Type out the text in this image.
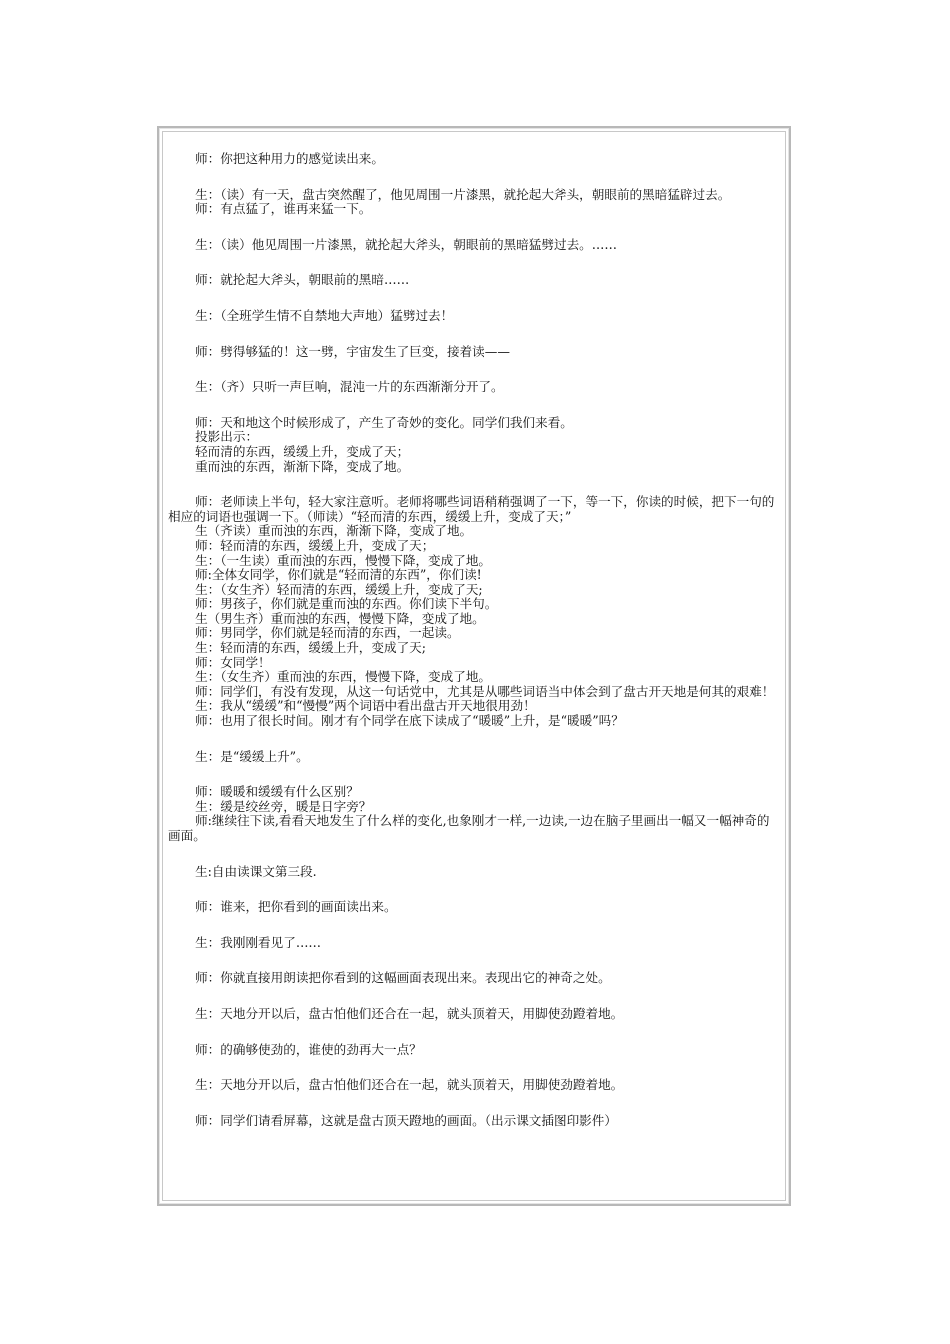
师：你把这种用力的感觉读出来。

生：（读）有一天，盘古突然醒了，他见周围一片漆黑，就抡起大斧头，朝眼前的黑暗猛辟过去。

师：有点猛了，谁再来猛一下。

生：（读）他见周围一片漆黑，就抡起大斧头，朝眼前的黑暗猛劈过去。……

师：就抡起大斧头，朝眼前的黑暗……

生：（全班学生情不自禁地大声地）猛劈过去！

师：劈得够猛的！这一劈，宇宙发生了巨变，接着读——

生：（齐）只听一声巨响，混沌一片的东西渐渐分开了。

师：天和地这个时候形成了，产生了奇妙的变化。同学们我们来看。

投影出示：

轻而清的东西，缓缓上升，变成了天；

重而浊的东西，渐渐下降，变成了地。

师：老师读上半句，轻大家注意听。老师将哪些词语稍稍强调了一下，等一下，你读的时候，把下一句的相应的词语也强调一下。（师读）“轻而清的东西，缓缓上升，变成了天；”

生（齐读）重而浊的东西，渐渐下降，变成了地。

师：轻而清的东西，缓缓上升，变成了天；

生：（一生读）重而浊的东西，慢慢下降，变成了地。

师:全体女同学，你们就是“轻而清的东西”，你们读!

生：（女生齐）轻而清的东西，缓缓上升，变成了天;

师：男孩子，你们就是重而浊的东西。你们读下半句。

生（男生齐）重而浊的东西，慢慢下降，变成了地。

师：男同学，你们就是轻而清的东西，一起读。

生：轻而清的东西，缓缓上升，变成了天;

师：女同学！

生：（女生齐）重而浊的东西，慢慢下降，变成了地。

师：同学们，有没有发现，从这一句话党中，尤其是从哪些词语当中体会到了盘古开天地是何其的艰难！

生：我从“缓缓”和“慢慢”两个词语中看出盘古开天地很用劲！

师：也用了很长时间。刚才有个同学在底下读成了“暖暖”上升，是“暖暖”吗？

生：是“缓缓上升”。

师：暖暖和缓缓有什么区别？

生：缓是绞丝旁，暖是日字旁？

师:继续往下读,看看天地发生了什么样的变化,也象刚才一样,一边读,一边在脑子里画出一幅又一幅神奇的画面。

生:自由读课文第三段.

师：谁来，把你看到的画面读出来。

生：我刚刚看见了……

师：你就直接用朗读把你看到的这幅画面表现出来。表现出它的神奇之处。

生：天地分开以后，盘古怕他们还合在一起，就头顶着天，用脚使劲蹬着地。

师：的确够使劲的，谁使的劲再大一点？

生：天地分开以后，盘古怕他们还合在一起，就头顶着天，用脚使劲蹬着地。

师：同学们请看屏幕，这就是盘古顶天蹬地的画面。（出示课文插图印影件）
